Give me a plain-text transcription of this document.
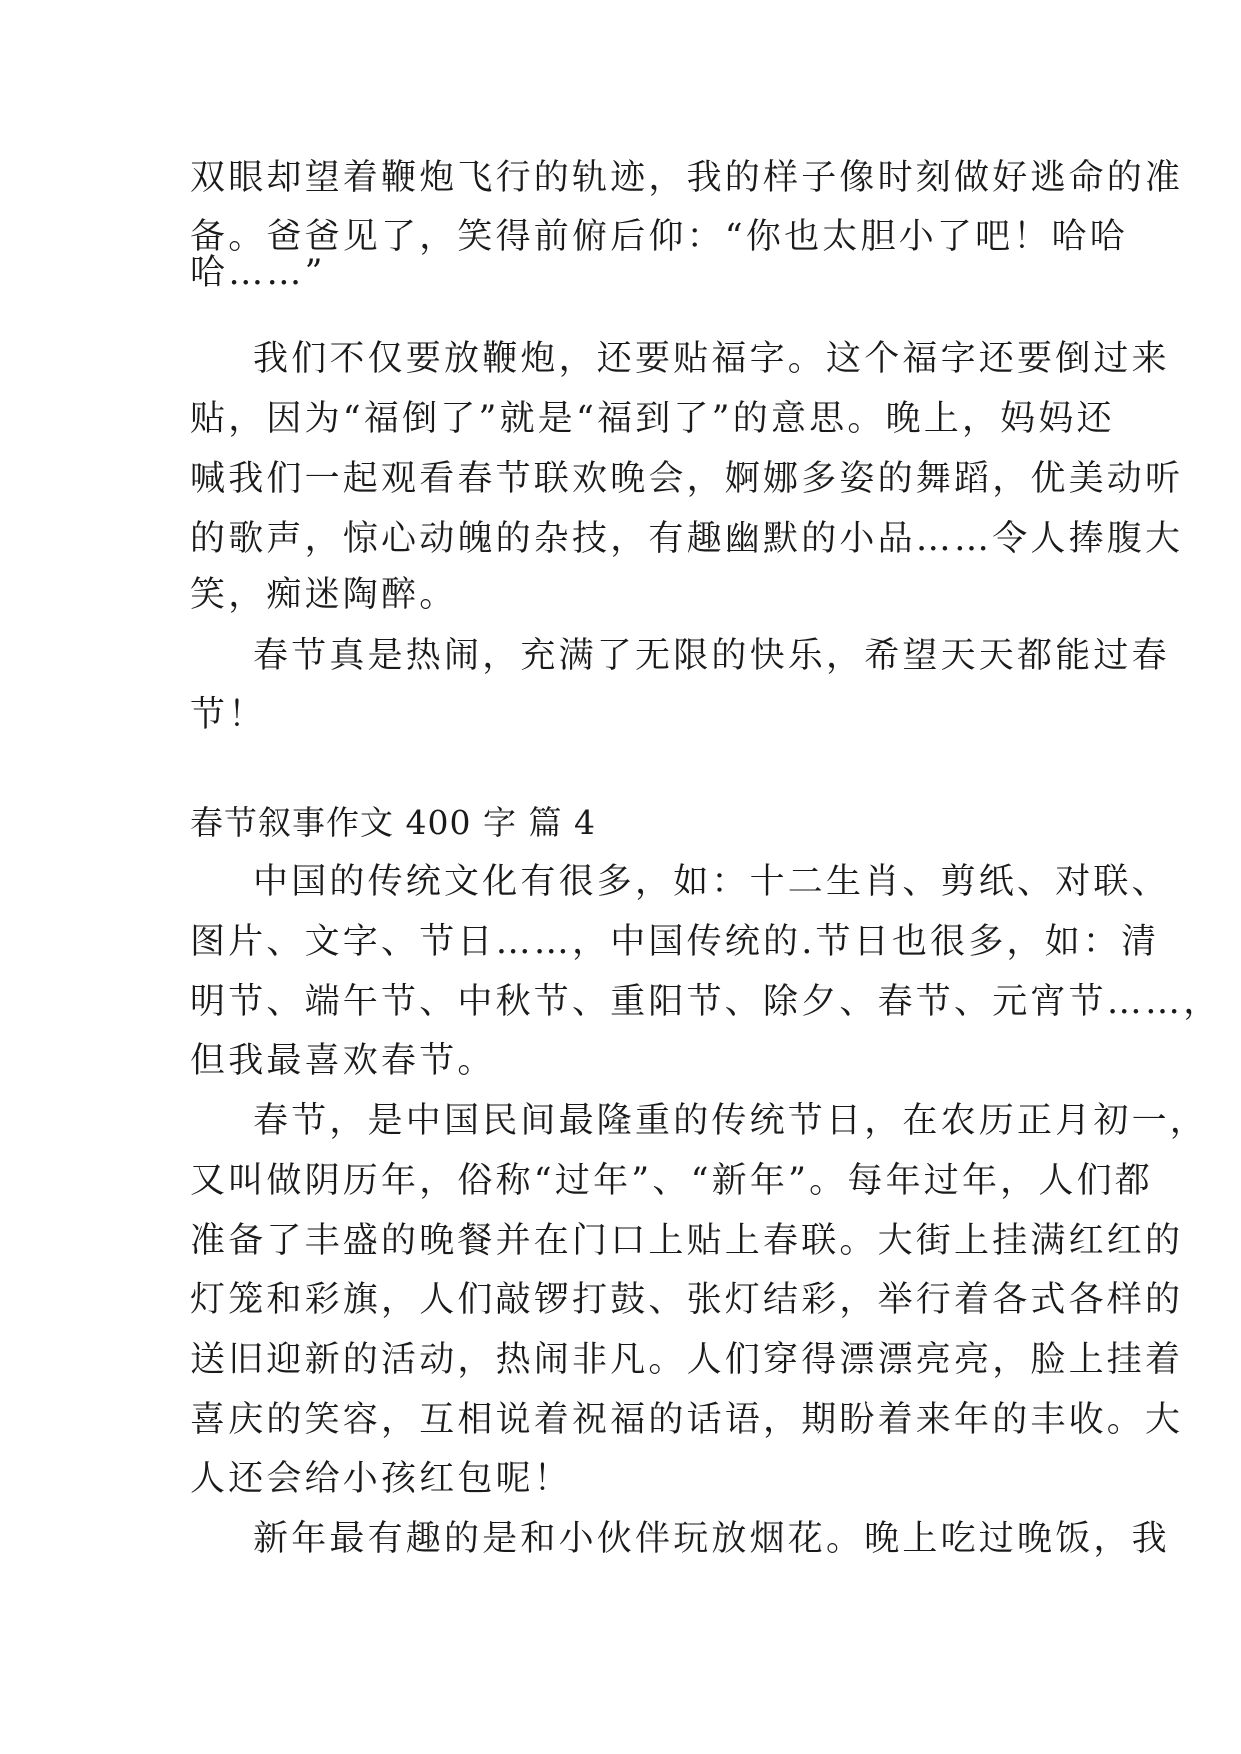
双眼却望着鞭炮飞行的轨迹，我的样子像时刻做好逃命的准
备。爸爸见了，笑得前俯后仰：“你也太胆小了吧！哈哈
哈……”
我们不仅要放鞭炮，还要贴福字。这个福字还要倒过来
贴，因为“福倒了”就是“福到了”的意思。晚上，妈妈还
喊我们一起观看春节联欢晚会，婀娜多姿的舞蹈，优美动听
的歌声，惊心动魄的杂技，有趣幽默的小品……令人捧腹大
笑，痴迷陶醉。
春节真是热闹，充满了无限的快乐，希望天天都能过春
节！
春节叙事作文 400 字 篇 4
中国的传统文化有很多，如：十二生肖、剪纸、对联、
图片、文字、节日……，中国传统的.节日也很多，如：清
明节、端午节、中秋节、重阳节、除夕、春节、元宵节……，
但我最喜欢春节。
春节，是中国民间最隆重的传统节日，在农历正月初一，
又叫做阴历年，俗称“过年”、“新年”。每年过年，人们都
准备了丰盛的晚餐并在门口上贴上春联。大街上挂满红红的
灯笼和彩旗，人们敲锣打鼓、张灯结彩，举行着各式各样的
送旧迎新的活动，热闹非凡。人们穿得漂漂亮亮，脸上挂着
喜庆的笑容，互相说着祝福的话语，期盼着来年的丰收。大
人还会给小孩红包呢！
新年最有趣的是和小伙伴玩放烟花。晚上吃过晚饭，我
